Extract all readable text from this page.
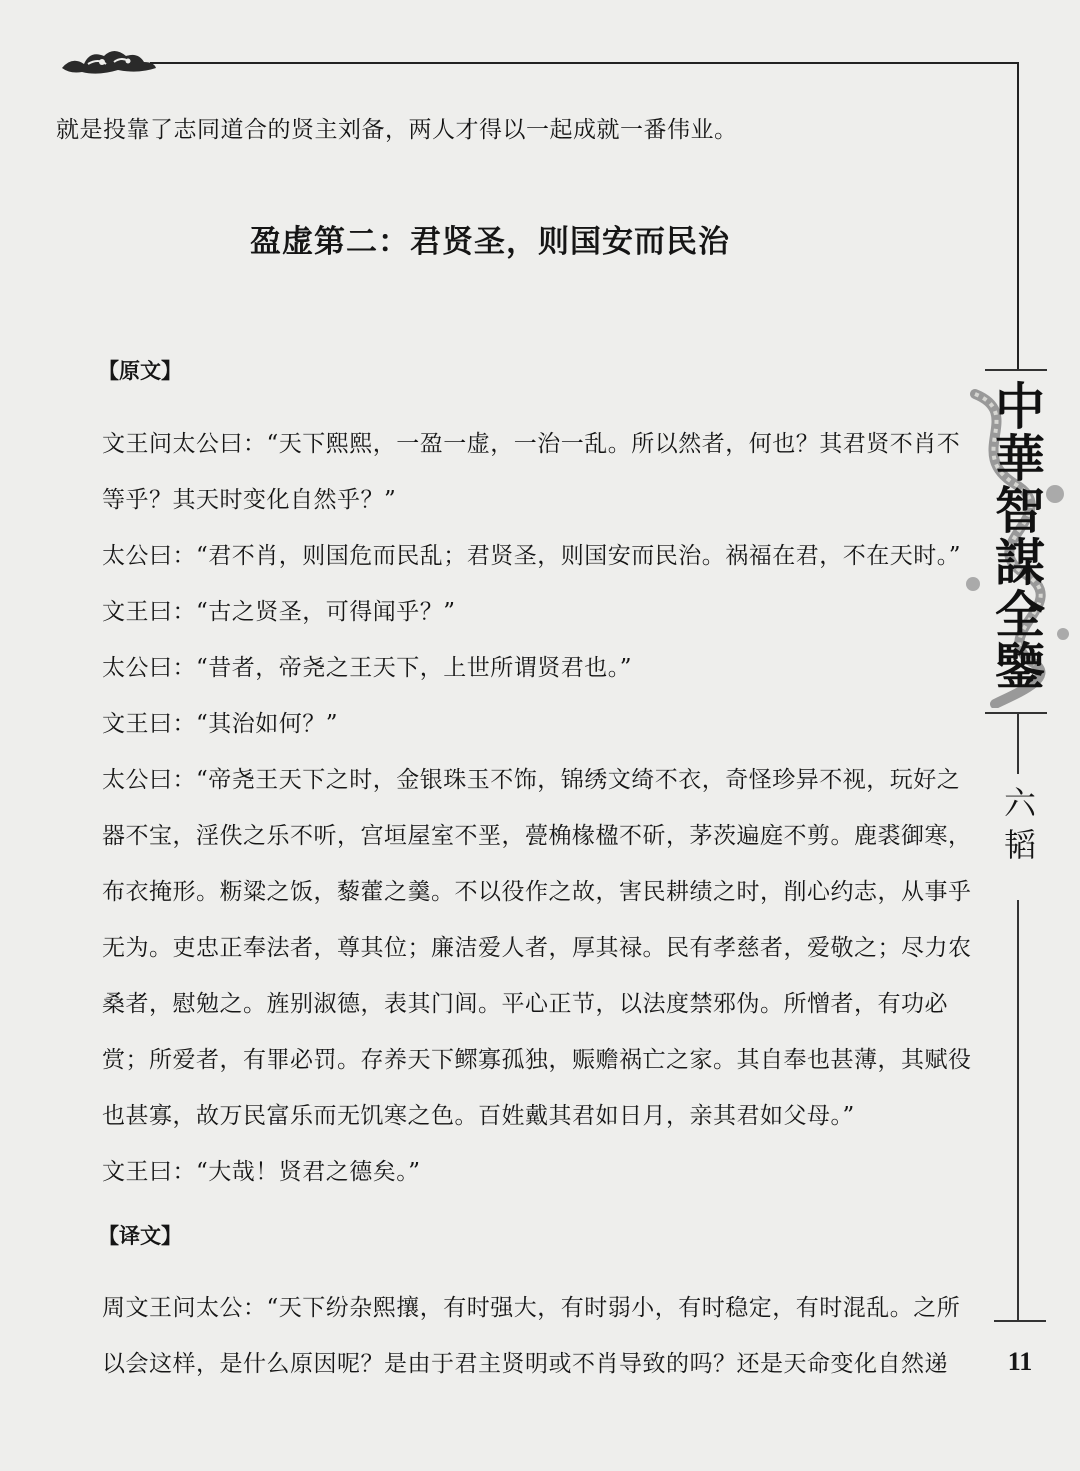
中華智謀全鑒
六韬
11
就是投靠了志同道合的贤主刘备，两人才得以一起成就一番伟业。
盈虚第二：君贤圣，则国安而民治
【原文】
文王问太公曰：“天下熙熙，一盈一虚，一治一乱。所以然者，何也？其君贤不肖不等乎？其天时变化自然乎？”
太公曰：“君不肖，则国危而民乱；君贤圣，则国安而民治。祸福在君，不在天时。”
文王曰：“古之贤圣，可得闻乎？”
太公曰：“昔者，帝尧之王天下，上世所谓贤君也。”
文王曰：“其治如何？”
太公曰：“帝尧王天下之时，金银珠玉不饰，锦绣文绮不衣，奇怪珍异不视，玩好之器不宝，淫佚之乐不听，宫垣屋室不垩，甍桷椽楹不斫，茅茨遍庭不剪。鹿裘御寒，布衣掩形。粝粱之饭，藜藿之羹。不以役作之故，害民耕绩之时，削心约志，从事乎无为。吏忠正奉法者，尊其位；廉洁爱人者，厚其禄。民有孝慈者，爱敬之；尽力农桑者，慰勉之。旌别淑德，表其门闾。平心正节，以法度禁邪伪。所憎者，有功必赏；所爱者，有罪必罚。存养天下鳏寡孤独，赈赡祸亡之家。其自奉也甚薄，其赋役也甚寡，故万民富乐而无饥寒之色。百姓戴其君如日月，亲其君如父母。”
文王曰：“大哉！贤君之德矣。”
【译文】
周文王问太公：“天下纷杂熙攘，有时强大，有时弱小，有时稳定，有时混乱。之所以会这样，是什么原因呢？是由于君主贤明或不肖导致的吗？还是天命变化自然递
